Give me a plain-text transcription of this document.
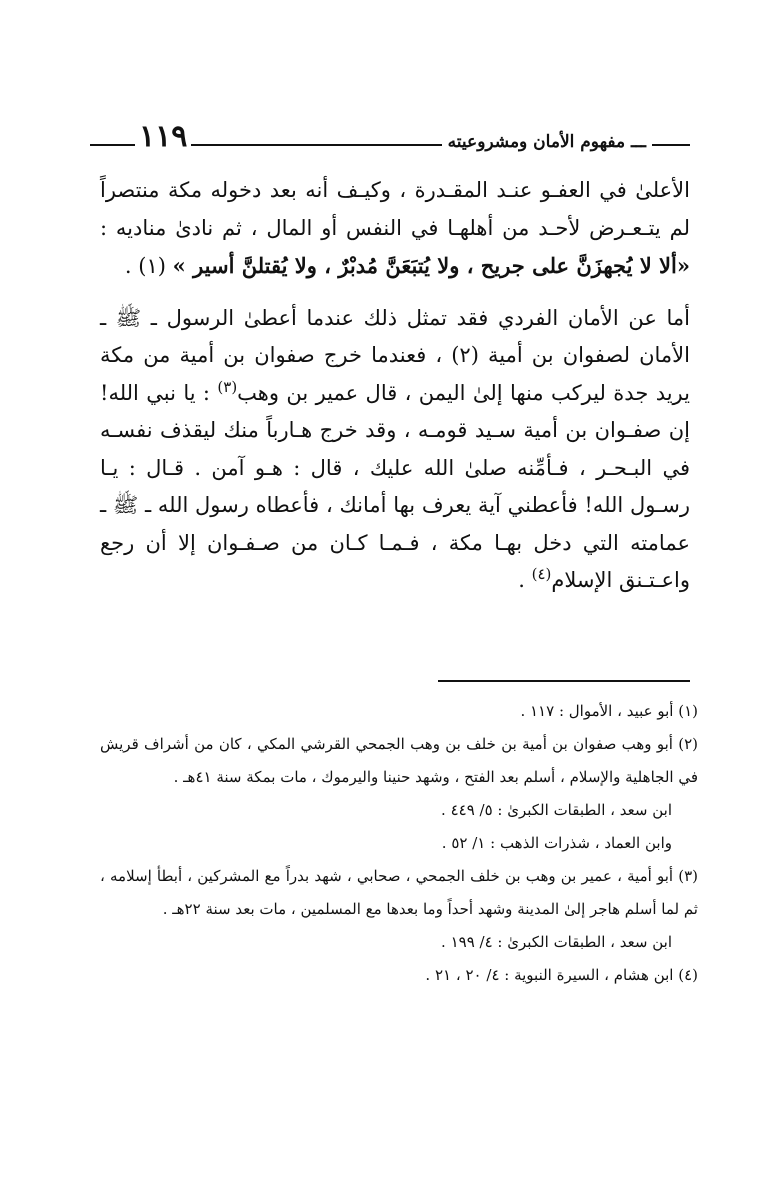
ـــ مفهوم الأمان ومشروعيته
١١٩

الأعلىٰ في العفـو عنـد المقـدرة ، وكيـف أنه بعد دخوله مكة منتصراً لم يتـعـرض لأحـد من أهلهـا في النفس أو المال ، ثم نادىٰ مناديه : «ألا لا يُجهزَنَّ على جريح ، ولا يُتبَعَنَّ مُدبْرٌ ، ولا يُقتلنَّ أسير » (١) .

أما عن الأمان الفردي فقد تمثل ذلك عندما أعطىٰ الرسول ـ ﷺ ـ الأمان لصفوان بن أمية (٢) ، فعندما خرج صفوان بن أمية من مكة يريد جدة ليركب منها إلىٰ اليمن ، قال عمير بن وهب$^{(٣)}$ : يا نبي الله! إن صفـوان بن أمية سـيد قومـه ، وقد خرج هـارباً منك ليقذف نفسـه في البـحـر ، فـأمِّنه صلىٰ الله عليك ، قال : هـو آمن . قـال : يـا رسـول الله! فأعطني آية يعرف بها أمانك ، فأعطاه رسول الله ـ ﷺ ـ عمامته التي دخل بهـا مكة ، فـمـا كـان من صـفـوان إلا أن رجع واعـتـنق الإسلام$^{(٤)}$ .

(١) أبو عبيد ، الأموال : ١١٧ .

(٢) أبو وهب صفوان بن أمية بن خلف بن وهب الجمحي القرشي المكي ، كان من أشراف قريش في الجاهلية والإسلام ، أسلم بعد الفتح ، وشهد حنينا واليرموك ، مات بمكة سنة ٤١هـ .

ابن سعد ، الطبقات الكبرىٰ : ٥/ ٤٤٩ .

وابن العماد ، شذرات الذهب : ١/ ٥٢ .

(٣) أبو أمية ، عمير بن وهب بن خلف الجمحي ، صحابي ، شهد بدراً مع المشركين ، أبطأ إسلامه ، ثم لما أسلم هاجر إلىٰ المدينة وشهد أحداً وما بعدها مع المسلمين ، مات بعد سنة ٢٢هـ .

ابن سعد ، الطبقات الكبرىٰ : ٤/ ١٩٩ .

(٤) ابن هشام ، السيرة النبوية : ٤/ ٢٠ ، ٢١ .
